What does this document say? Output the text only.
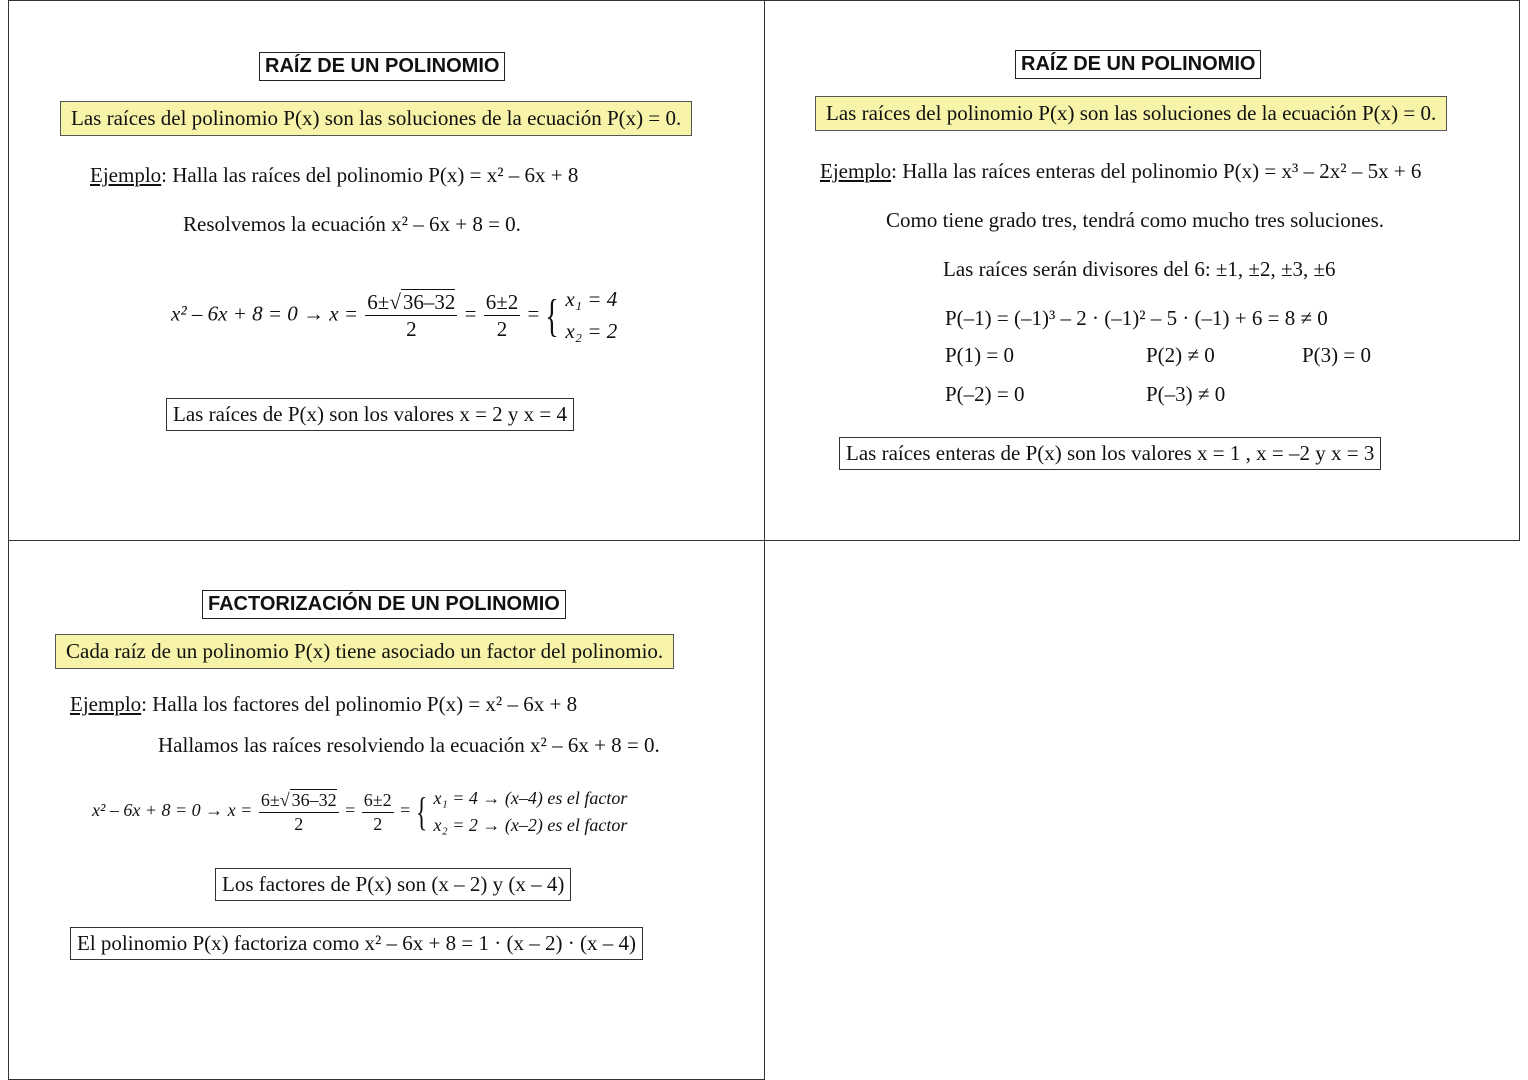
RAÍZ DE UN POLINOMIO
Las raíces del polinomio P(x) son las soluciones de la ecuación P(x) = 0.
Ejemplo: Halla las raíces del polinomio P(x) = x² – 6x + 8
Resolvemos la ecuación x² – 6x + 8 = 0.
$x^2 - 6x + 8 = 0 \to x = \frac{6\pm√36-32}{2} = \frac{6\pm 2}{2}$ = { x₁ = 4
x₂ = 2
Las raíces de P(x) son los valores x = 2 y x = 4
RAÍZ DE UN POLINOMIO
Las raíces del polinomio P(x) son las soluciones de la ecuación P(x) = 0.
Ejemplo: Halla las raíces enteras del polinomio P(x) = x³ – 2x² – 5x + 6
Como tiene grado tres, tendrá como mucho tres soluciones.
Las raíces serán divisores del 6: ±1, ±2, ±3, ±6
P(–1) = (–1)³ – 2 · (–1)² – 5 · (–1) + 6 = 8 ≠ 0
P(1) = 0	P(2) ≠ 0	P(3) = 0
P(–2) = 0	P(–3) ≠ 0
Las raíces enteras de P(x) son los valores x = 1 , x = –2 y x = 3
FACTORIZACIÓN DE UN POLINOMIO
Cada raíz de un polinomio P(x) tiene asociado un factor del polinomio.
Ejemplo: Halla los factores del polinomio P(x) = x² – 6x + 8
Hallamos las raíces resolviendo la ecuación x² – 6x + 8 = 0.
$x^2 - 6x + 8 = 0 \to x = \frac{6\pm√ 36-32}{2} = \frac{6\pm 2}{2}$ = { x₁ = 4 → (x–4) es el factor
x₂ = 2 → (x–2) es el factor
Los factores de P(x) son (x – 2) y (x – 4)
El polinomio P(x) factoriza como x² – 6x + 8 = 1 · (x – 2) · (x – 4)
